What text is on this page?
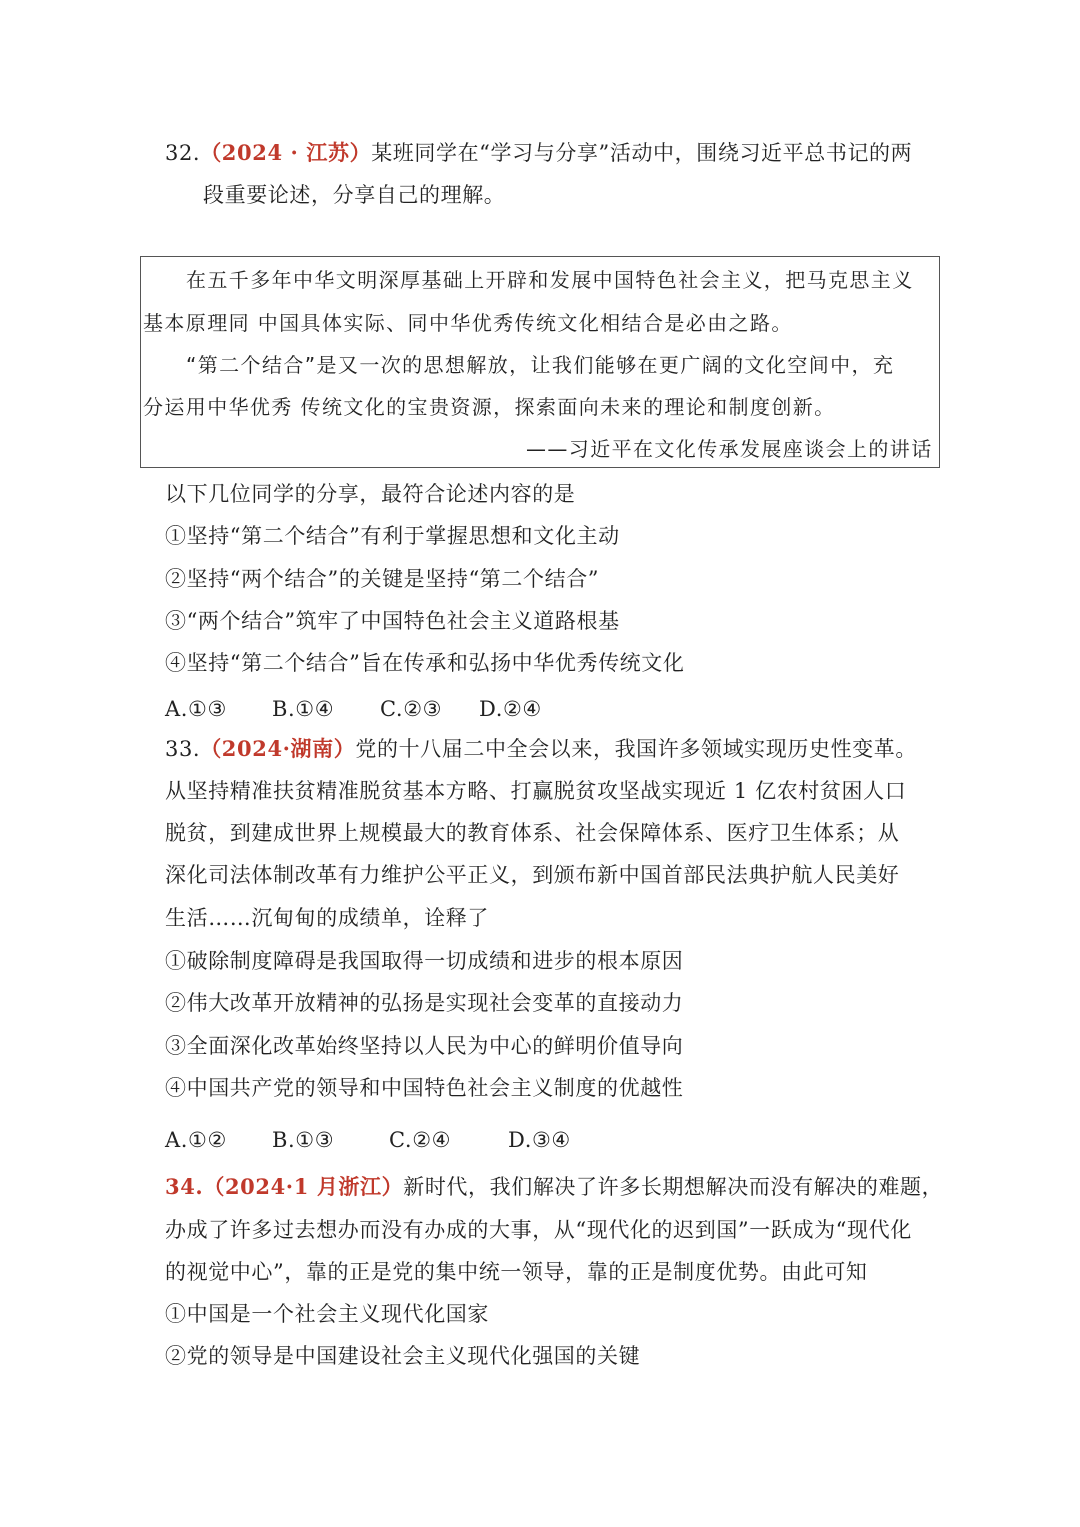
32.（2024 · 江苏）某班同学在“学习与分享”活动中，围绕习近平总书记的两
段重要论述，分享自己的理解。
在五千多年中华文明深厚基础上开辟和发展中国特色社会主义，把马克思主义
基本原理同 中国具体实际、同中华优秀传统文化相结合是必由之路。
“第二个结合”是又一次的思想解放，让我们能够在更广阔的文化空间中，充
分运用中华优秀 传统文化的宝贵资源，探索面向未来的理论和制度创新。
——习近平在文化传承发展座谈会上的讲话
以下几位同学的分享，最符合论述内容的是
①坚持“第二个结合”有利于掌握思想和文化主动
②坚持“两个结合”的关键是坚持“第二个结合”
③“两个结合”筑牢了中国特色社会主义道路根基
④坚持“第二个结合”旨在传承和弘扬中华优秀传统文化
A.①③ B.①④ C.②③ D.②④
33.（2024·湖南）党的十八届二中全会以来，我国许多领域实现历史性变革。
从坚持精准扶贫精准脱贫基本方略、打赢脱贫攻坚战实现近 1 亿农村贫困人口
脱贫，到建成世界上规模最大的教育体系、社会保障体系、医疗卫生体系；从
深化司法体制改革有力维护公平正义，到颁布新中国首部民法典护航人民美好
生活……沉甸甸的成绩单，诠释了
①破除制度障碍是我国取得一切成绩和进步的根本原因
②伟大改革开放精神的弘扬是实现社会变革的直接动力
③全面深化改革始终坚持以人民为中心的鲜明价值导向
④中国共产党的领导和中国特色社会主义制度的优越性
A.①② B.①③	C.②④	D.③④
34.（2024·1 月浙江）新时代，我们解决了许多长期想解决而没有解决的难题，
办成了许多过去想办而没有办成的大事，从“现代化的迟到国”一跃成为“现代化
的视觉中心”，靠的正是党的集中统一领导，靠的正是制度优势。由此可知
①中国是一个社会主义现代化国家
②党的领导是中国建设社会主义现代化强国的关键
